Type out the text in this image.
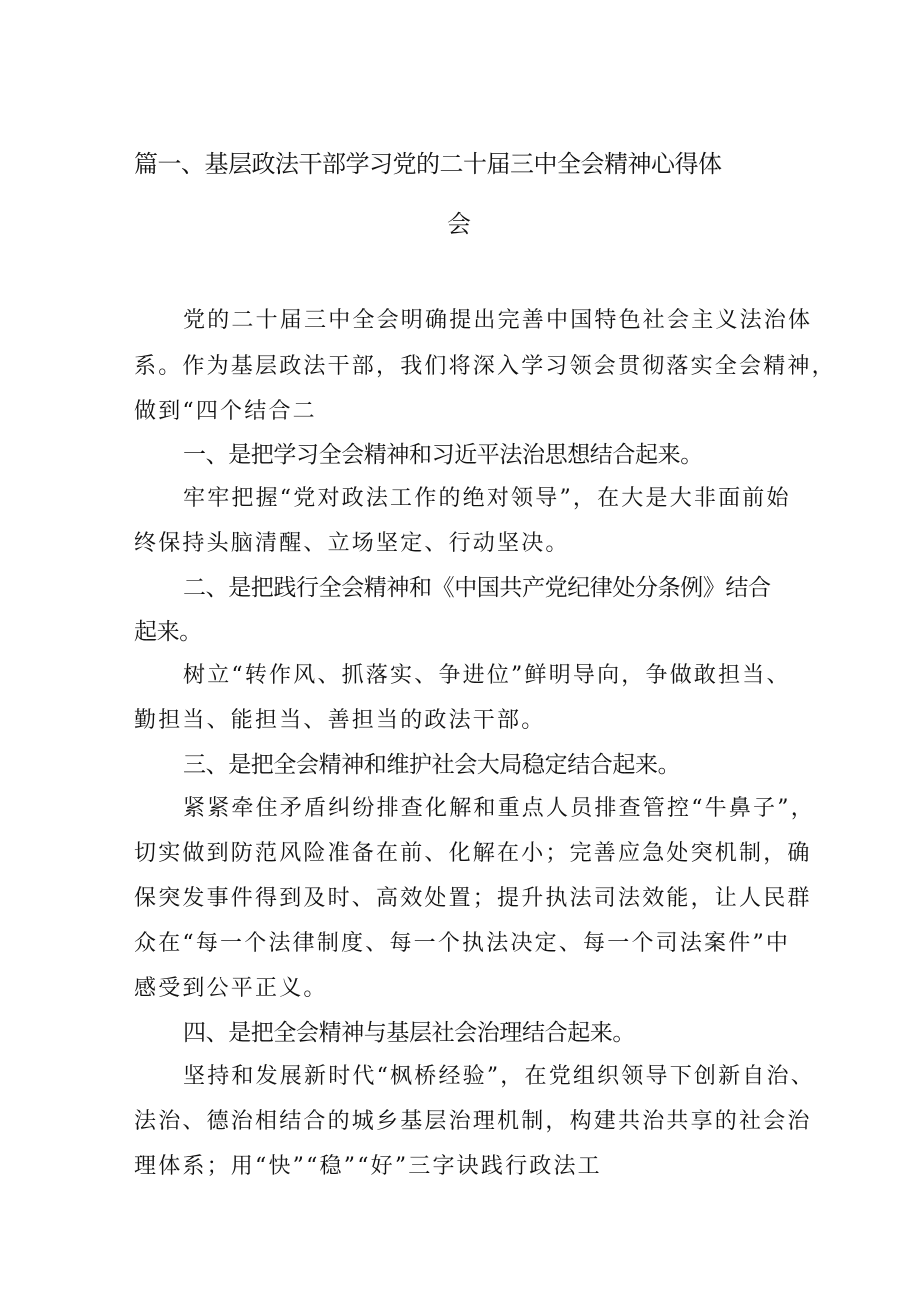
篇一、基层政法干部学习党的二十届三中全会精神心得体
会
党的二十届三中全会明确提出完善中国特色社会主义法治体
系。作为基层政法干部，我们将深入学习领会贯彻落实全会精神，
做到“四个结合二
一、是把学习全会精神和习近平法治思想结合起来。
牢牢把握“党对政法工作的绝对领导”，在大是大非面前始
终保持头脑清醒、立场坚定、行动坚决。
二、是把践行全会精神和《中国共产党纪律处分条例》结合
起来。
树立“转作风、抓落实、争进位”鲜明导向，争做敢担当、
勤担当、能担当、善担当的政法干部。
三、是把全会精神和维护社会大局稳定结合起来。
紧紧牵住矛盾纠纷排查化解和重点人员排查管控“牛鼻子”，
切实做到防范风险准备在前、化解在小；完善应急处突机制，确
保突发事件得到及时、高效处置；提升执法司法效能，让人民群
众在“每一个法律制度、每一个执法决定、每一个司法案件”中
感受到公平正义。
四、是把全会精神与基层社会治理结合起来。
坚持和发展新时代“枫桥经验”，在党组织领导下创新自治、
法治、德治相结合的城乡基层治理机制，构建共治共享的社会治
理体系；用“快”“稳”“好”三字诀践行政法工
